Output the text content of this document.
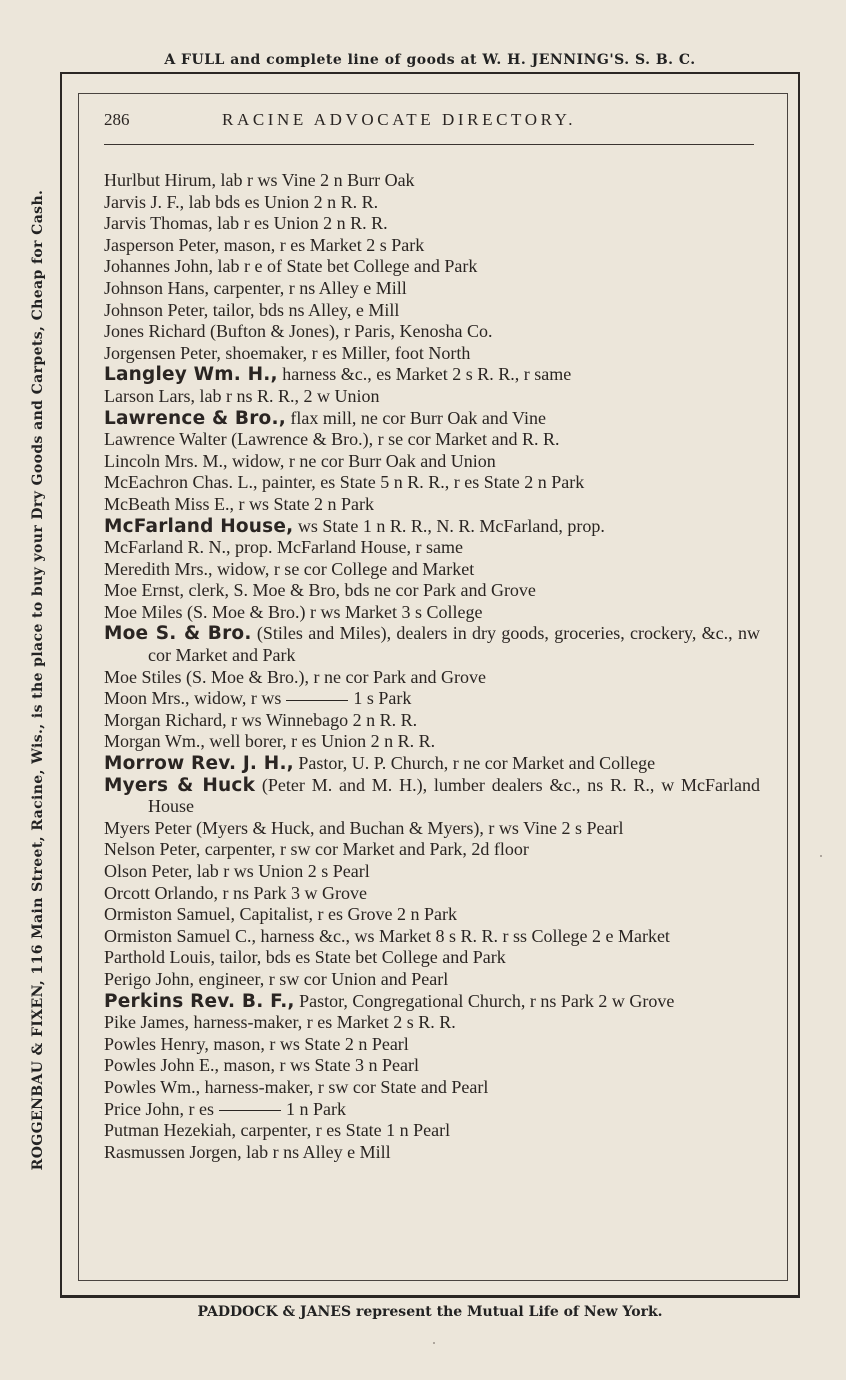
A FULL and complete line of goods at W. H. JENNING'S. S. B. C.
ROGGENBAU & FIXEN, 116 Main Street, Racine, Wis., is the place to buy your Dry Goods and Carpets, Cheap for Cash.
286	RACINE ADVOCATE DIRECTORY.
Hurlbut Hirum, lab r ws Vine 2 n Burr Oak
Jarvis J. F., lab bds es Union 2 n R. R.
Jarvis Thomas, lab r es Union 2 n R. R.
Jasperson Peter, mason, r es Market 2 s Park
Johannes John, lab r e of State bet College and Park
Johnson Hans, carpenter, r ns Alley e Mill
Johnson Peter, tailor, bds ns Alley, e Mill
Jones Richard (Bufton & Jones), r Paris, Kenosha Co.
Jorgensen Peter, shoemaker, r es Miller, foot North
Langley Wm. H., harness &c., es Market 2 s R. R., r same
Larson Lars, lab r ns R. R., 2 w Union
Lawrence & Bro., flax mill, ne cor Burr Oak and Vine
Lawrence Walter (Lawrence & Bro.), r se cor Market and R. R.
Lincoln Mrs. M., widow, r ne cor Burr Oak and Union
McEachron Chas. L., painter, es State 5 n R. R., r es State 2 n Park
McBeath Miss E., r ws State 2 n Park
McFarland House, ws State 1 n R. R., N. R. McFarland, prop.
McFarland R. N., prop. McFarland House, r same
Meredith Mrs., widow, r se cor College and Market
Moe Ernst, clerk, S. Moe & Bro, bds ne cor Park and Grove
Moe Miles (S. Moe & Bro.) r ws Market 3 s College
Moe S. & Bro. (Stiles and Miles), dealers in dry goods, groceries, crockery, &c., nw cor Market and Park
Moe Stiles (S. Moe & Bro.), r ne cor Park and Grove
Moon Mrs., widow, r ws	1 s Park
Morgan Richard, r ws Winnebago 2 n R. R.
Morgan Wm., well borer, r es Union 2 n R. R.
Morrow Rev. J. H., Pastor, U. P. Church, r ne cor Market and College
Myers & Huck (Peter M. and M. H.), lumber dealers &c., ns R. R., w McFarland House
Myers Peter (Myers & Huck, and Buchan & Myers), r ws Vine 2 s Pearl
Nelson Peter, carpenter, r sw cor Market and Park, 2d floor
Olson Peter, lab r ws Union 2 s Pearl
Orcott Orlando, r ns Park 3 w Grove
Ormiston Samuel, Capitalist, r es Grove 2 n Park
Ormiston Samuel C., harness &c., ws Market 8 s R. R. r ss College 2 e Market
Parthold Louis, tailor, bds es State bet College and Park
Perigo John, engineer, r sw cor Union and Pearl
Perkins Rev. B. F., Pastor, Congregational Church, r ns Park 2 w Grove
Pike James, harness-maker, r es Market 2 s R. R.
Powles Henry, mason, r ws State 2 n Pearl
Powles John E., mason, r ws State 3 n Pearl
Powles Wm., harness-maker, r sw cor State and Pearl
Price John, r es	1 n Park
Putman Hezekiah, carpenter, r es State 1 n Pearl
Rasmussen Jorgen, lab r ns Alley e Mill
PADDOCK & JANES represent the Mutual Life of New York.
